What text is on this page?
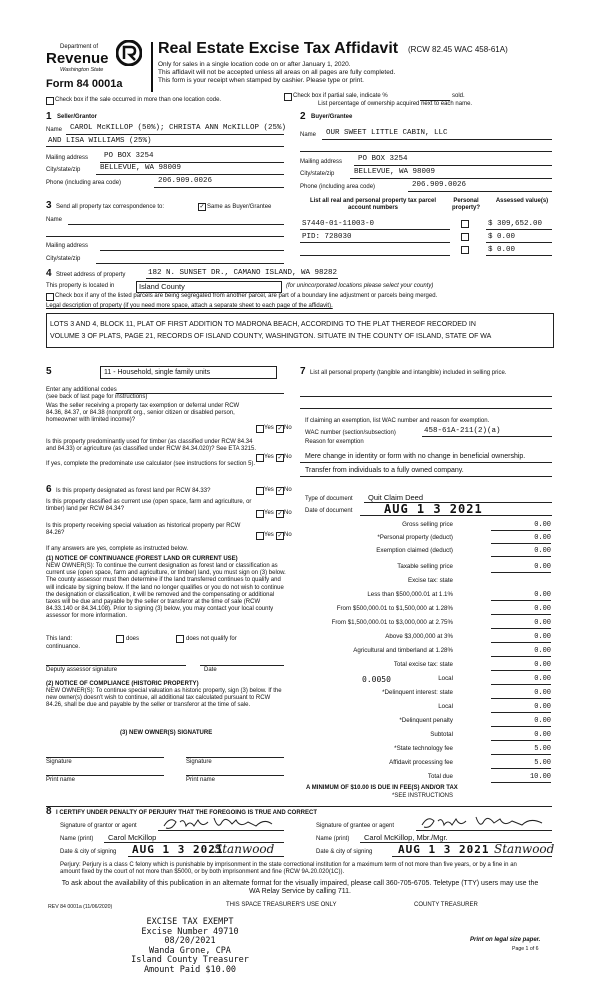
Department of
Revenue
Washington State
Form 84 0001a
Real Estate Excise Tax Affidavit (RCW 82.45 WAC 458-61A)
Only for sales in a single location code on or after January 1, 2020.
This affidavit will not be accepted unless all areas on all pages are fully completed.
This form is your receipt when stamped by cashier. Please type or print.
Check box if the sale occurred in more than one location code.
Check box if partial sale, indicate %	sold.
List percentage of ownership acquired next to each name.
1 Seller/Grantor
Name CAROL McKILLOP (50%); CHRISTA ANN McKILLOP (25%)
AND LISA WILLIAMS (25%)
Mailing address PO BOX 3254
City/state/zip	BELLEVUE, WA 98009
Phone (including area code)	206.909.0026
2 Buyer/Grantee
Name OUR SWEET LITTLE CABIN, LLC
Mailing address PO BOX 3254
City/state/zip	BELLEVUE, WA 98009
Phone (including area code)	206.909.0026
3 Send all property tax correspondence to:	✓ Same as Buyer/Grantee
Name
Mailing address
City/state/zip
List all real and personal property tax parcel account numbers
Personal property?
Assessed value(s)
S7440-01-11003-0	$ 309,652.00
PID: 728030	$ 0.00
$ 0.00
4 Street address of property	182 N. SUNSET DR., CAMANO ISLAND, WA 98282
This property is located in	Island County	(for unincorporated locations please select your county)
Check box if any of the listed parcels are being segregated from another parcel, are part of a boundary line adjustment or parcels being merged.
Legal description of property (if you need more space, attach a separate sheet to each page of the affidavit).
LOTS 3 AND 4, BLOCK 11, PLAT OF FIRST ADDITION TO MADRONA BEACH, ACCORDING TO THE PLAT THEREOF RECORDED IN
VOLUME 3 OF PLATS, PAGE 21, RECORDS OF ISLAND COUNTY, WASHINGTON. SITUATE IN THE COUNTY OF ISLAND, STATE OF WA
5	11 - Household, single family units
Enter any additional codes
(see back of last page for instructions)
Was the seller receiving a property tax exemption or deferral under RCW 84.36, 84.37, or 84.38 (nonprofit org., senior citizen or disabled person, homeowner with limited income)?
Yes ✓ No
Is this property predominantly used for timber (as classified under RCW 84.34 and 84.33) or agriculture (as classified under RCW 84.34.020)? See ETA 3215.
Yes ✓ No
If yes, complete the predominate use calculator (see instructions for section 5).
6 Is this property designated as forest land per RCW 84.33?	Yes ✓ No
Is this property classified as current use (open space, farm and agriculture, or timber) land per RCW 84.34?
Yes ✓ No
Is this property receiving special valuation as historical property per RCW 84.26?	Yes ✓ No
If any answers are yes, complete as instructed below.
(1) NOTICE OF CONTINUANCE (FOREST LAND OR CURRENT USE)
NEW OWNER(S): To continue the current designation as forest land or classification as current use (open space, farm and agriculture, or timber) land, you must sign on (3) below. The county assessor must then determine if the land transferred continues to qualify and will indicate by signing below. If the land no longer qualifies or you do not wish to continue the designation or classification, it will be removed and the compensating or additional taxes will be due and payable by the seller or transferor at the time of sale (RCW 84.33.140 or 84.34.108). Prior to signing (3) below, you may contact your local county assessor for more information.
This land:	does	does not qualify for
continuance.
Deputy assessor signature	Date
(2) NOTICE OF COMPLIANCE (HISTORIC PROPERTY)
NEW OWNER(S): To continue special valuation as historic property, sign (3) below. If the new owner(s) doesn't wish to continue, all additional tax calculated pursuant to RCW 84.26, shall be due and payable by the seller or transferor at the time of sale.
(3) NEW OWNER(S) SIGNATURE
Signature	Signature
Print name	Print name
7 List all personal property (tangible and intangible) included in selling price.
If claiming an exemption, list WAC number and reason for exemption.
WAC number (section/subsection)	458-61A-211(2)(a)
Reason for exemption
Mere change in identity or form with no change in beneficial ownership.
Transfer from individuals to a fully owned company.
Type of document Quit Claim Deed
Date of document	AUG 1 3 2021
Gross selling price	0.00
*Personal property (deduct)	0.00
Exemption claimed (deduct)	0.00
Taxable selling price	0.00
Excise tax: state
Less than $500,000.01 at 1.1%	0.00
From $500,000.01 to $1,500,000 at 1.28%	0.00
From $1,500,000.01 to $3,000,000 at 2.75%	0.00
Above $3,000,000 at 3%	0.00
Agricultural and timberland at 1.28%	0.00
Total excise tax: state	0.00
Local	0.00
0.0050
*Delinquent interest: state	0.00
Local	0.00
*Delinquent penalty	0.00
Subtotal	0.00
*State technology fee	5.00
Affidavit processing fee	5.00
Total due	10.00
A MINIMUM OF $10.00 IS DUE IN FEE(S) AND/OR TAX
*SEE INSTRUCTIONS
8 I CERTIFY UNDER PENALTY OF PERJURY THAT THE FOREGOING IS TRUE AND CORRECT
Signature of grantor or agent
Name (print) Carol McKillop
Date & city of signing AUG 1 3 2021
Stanwood
Signature of grantee or agent
Name (print) Carol McKillop, Mbr./Mgr.
Date & city of signing AUG 1 3 2021 Stanwood
Perjury: Perjury is a class C felony which is punishable by imprisonment in the state correctional institution for a maximum term of not more than five years, or by a fine in an amount fixed by the court of not more than $5000, or by both imprisonment and fine (RCW 9A.20.020(1C)).
To ask about the availability of this publication in an alternate format for the visually impaired, please call 360-705-6705. Teletype (TTY) users may use the WA Relay Service by calling 711.
REV 84 0001a (11/06/2020)	THIS SPACE TREASURER'S USE ONLY	COUNTY TREASURER
EXCISE TAX EXEMPT
Excise Number 49710
08/20/2021
Wanda Grone, CPA
Island County Treasurer
Amount Paid $10.00
Print on legal size paper.
Page 1 of 6
